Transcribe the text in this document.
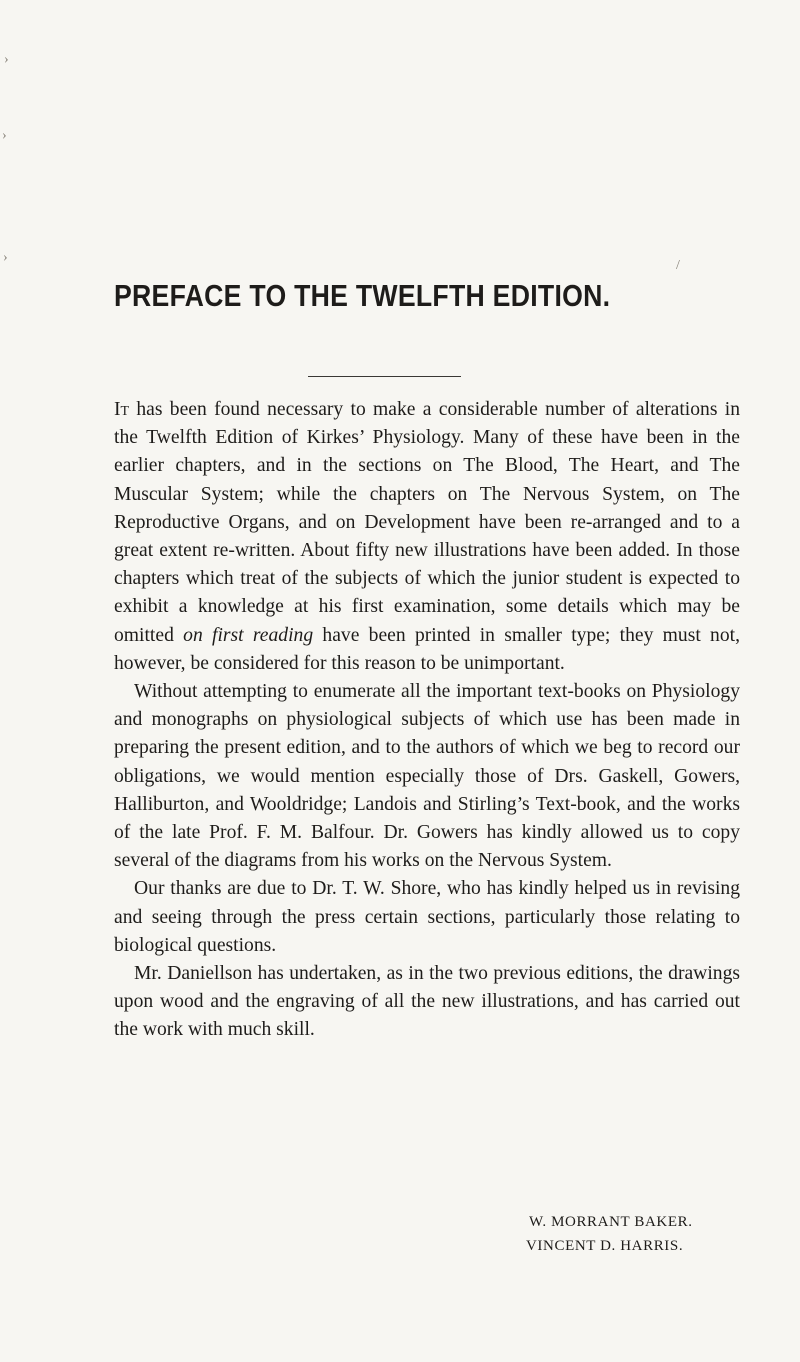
›
›
›
/
PREFACE TO THE TWELFTH EDITION.

It has been found necessary to make a considerable number of alterations in the Twelfth Edition of Kirkes’ Physiology. Many of these have been in the earlier chapters, and in the sections on The Blood, The Heart, and The Muscular System; while the chapters on The Nervous System, on The Reproductive Organs, and on Development have been re-arranged and to a great extent re-written. About fifty new illustrations have been added. In those chapters which treat of the subjects of which the junior student is expected to exhibit a knowledge at his first examination, some details which may be omitted on first reading have been printed in smaller type; they must not, however, be considered for this reason to be unimportant.

Without attempting to enumerate all the important text-books on Physiology and monographs on physiological subjects of which use has been made in preparing the present edition, and to the authors of which we beg to record our obligations, we would mention especially those of Drs. Gaskell, Gowers, Halliburton, and Wooldridge; Landois and Stirling’s Text-book, and the works of the late Prof. F. M. Balfour. Dr. Gowers has kindly allowed us to copy several of the diagrams from his works on the Nervous System.

Our thanks are due to Dr. T. W. Shore, who has kindly helped us in revising and seeing through the press certain sections, particularly those relating to biological questions.

Mr. Daniellson has undertaken, as in the two previous editions, the drawings upon wood and the engraving of all the new illustrations, and has carried out the work with much skill.

W. MORRANT BAKER.
VINCENT D. HARRIS.
